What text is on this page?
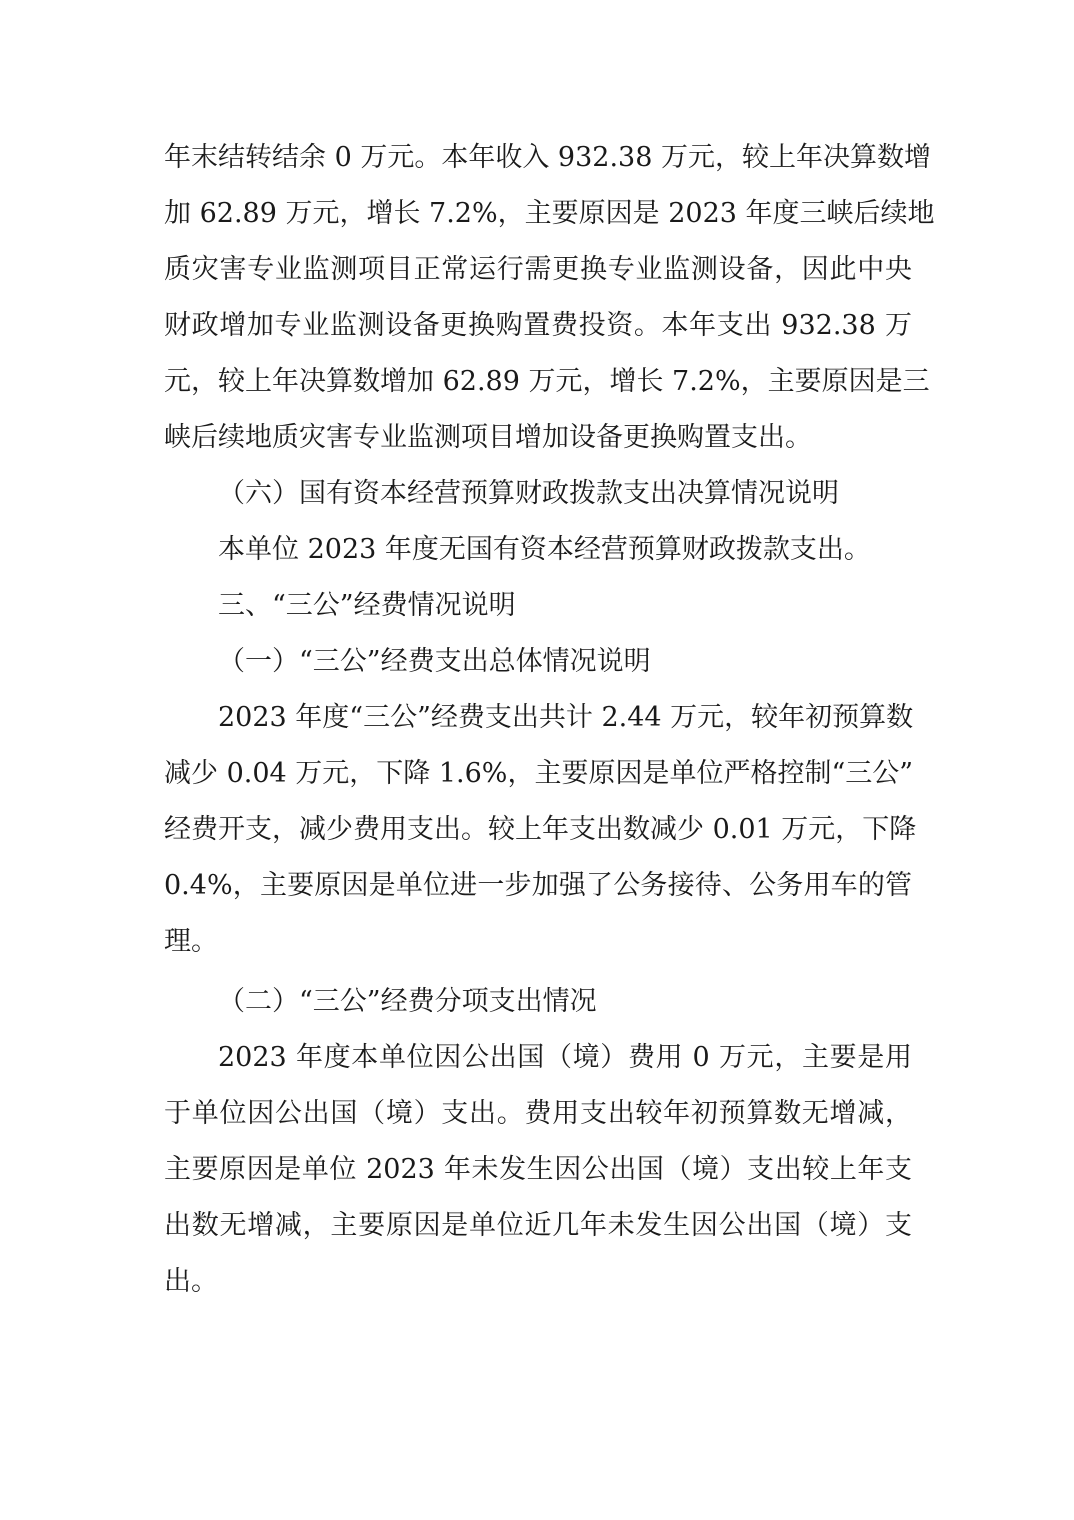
年末结转结余 0 万元。本年收入 932.38 万元，较上年决算数增
加 62.89 万元，增长 7.2%，主要原因是 2023 年度三峡后续地
质灾害专业监测项目正常运行需更换专业监测设备，因此中央
财政增加专业监测设备更换购置费投资。本年支出 932.38 万
元，较上年决算数增加 62.89 万元，增长 7.2%，主要原因是三
峡后续地质灾害专业监测项目增加设备更换购置支出。
（六）国有资本经营预算财政拨款支出决算情况说明
本单位 2023 年度无国有资本经营预算财政拨款支出。
三、“三公”经费情况说明
（一）“三公”经费支出总体情况说明
2023 年度“三公”经费支出共计 2.44 万元，较年初预算数
减少 0.04 万元，下降 1.6%，主要原因是单位严格控制“三公”
经费开支，减少费用支出。较上年支出数减少 0.01 万元，下降
0.4%，主要原因是单位进一步加强了公务接待、公务用车的管
理。
（二）“三公”经费分项支出情况
2023 年度本单位因公出国（境）费用 0 万元，主要是用
于单位因公出国（境）支出。费用支出较年初预算数无增减，
主要原因是单位 2023 年未发生因公出国（境）支出较上年支
出数无增减，主要原因是单位近几年未发生因公出国（境）支
出。
